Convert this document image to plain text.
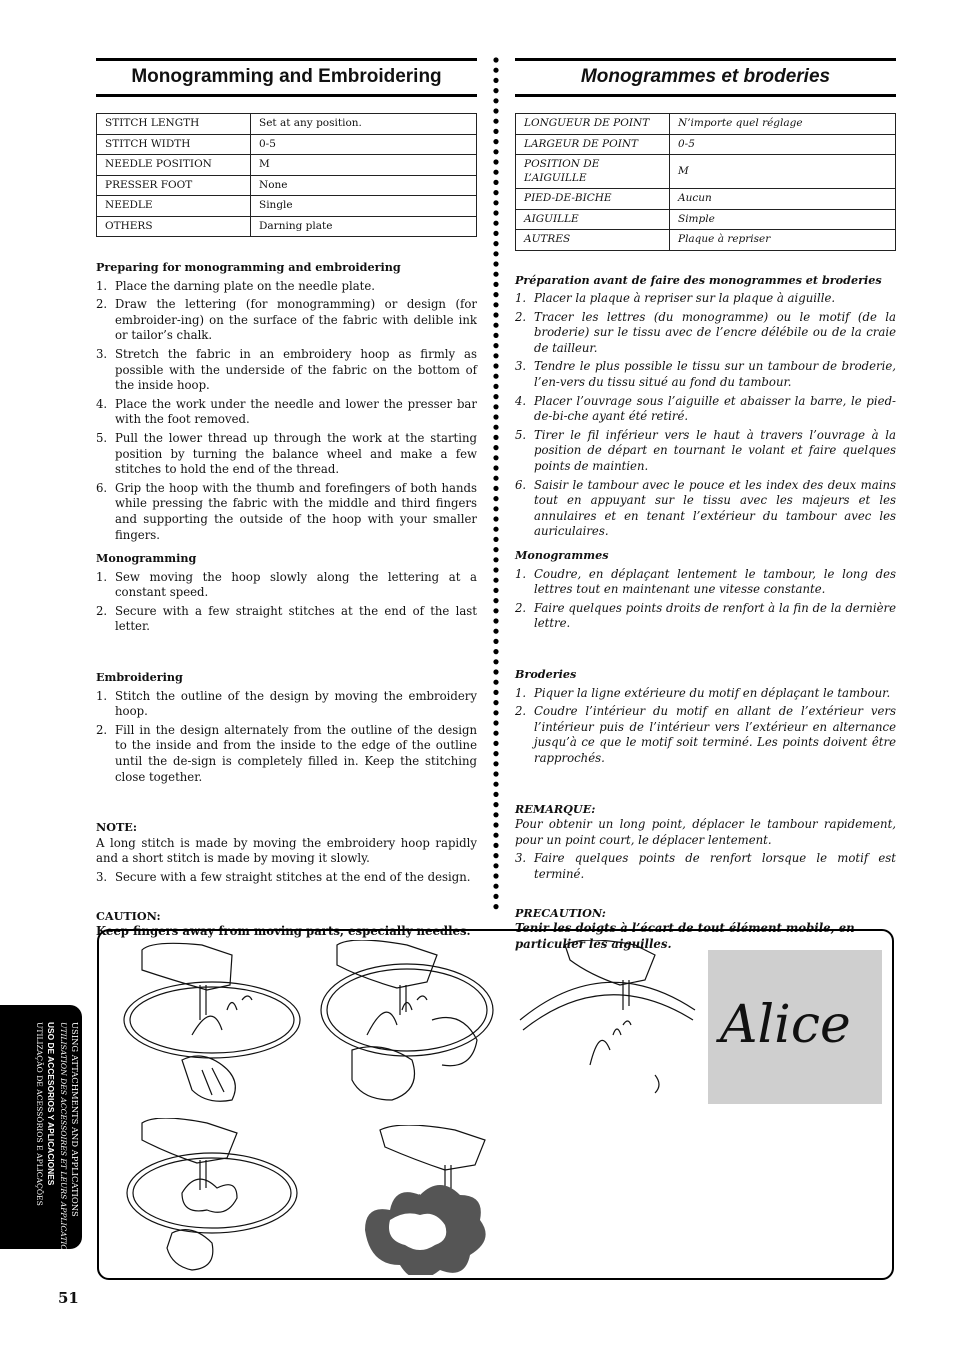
Monogramming and Embroidering
STITCH LENGTH	Set at any position.
STITCH WIDTH	0-5
NEEDLE POSITION	M
PRESSER FOOT	None
NEEDLE	Single
OTHERS	Darning plate
Preparing for monogramming and embroidering
1. Place the darning plate on the needle plate.
2. Draw the lettering (for monogramming) or design (for embroider-ing) on the surface of the fabric with delible ink or tailor’s chalk.
3. Stretch the fabric in an embroidery hoop as firmly as possible with the underside of the fabric on the bottom of the inside hoop.
4. Place the work under the needle and lower the presser bar with the foot removed.
5. Pull the lower thread up through the work at the starting position by turning the balance wheel and make a few stitches to hold the end of the thread.
6. Grip the hoop with the thumb and forefingers of both hands while pressing the fabric with the middle and third fingers and supporting the outside of the hoop with your smaller fingers.
Monogramming
1. Sew moving the hoop slowly along the lettering at a constant speed.
2. Secure with a few straight stitches at the end of the last letter.
Embroidering
1. Stitch the outline of the design by moving the embroidery hoop.
2. Fill in the design alternately from the outline of the design to the inside and from the inside to the edge of the outline until the de-sign is completely filled in. Keep the stitching close together.
NOTE:
A long stitch is made by moving the embroidery hoop rapidly and a short stitch is made by moving it slowly.
3. Secure with a few straight stitches at the end of the design.
CAUTION:
Keep fingers away from moving parts, especially needles.
Monogrammes et broderies
LONGUEUR DE POINT	N’importe quel réglage
LARGEUR DE POINT	0-5
POSITION DE L’AIGUILLE	M
PIED-DE-BICHE	Aucun
AIGUILLE	Simple
AUTRES	Plaque à repriser
Préparation avant de faire des monogrammes et broderies
1. Placer la plaque à repriser sur la plaque à aiguille.
2. Tracer les lettres (du monogramme) ou le motif (de la broderie) sur le tissu avec de l’encre délébile ou de la craie de tailleur.
3. Tendre le plus possible le tissu sur un tambour de broderie, l’en-vers du tissu situé au fond du tambour.
4. Placer l’ouvrage sous l’aiguille et abaisser la barre, le pied-de-bi-che ayant été retiré.
5. Tirer le fil inférieur vers le haut à travers l’ouvrage à la position de départ en tournant le volant et faire quelques points de maintien.
6. Saisir le tambour avec le pouce et les index des deux mains tout en appuyant sur le tissu avec les majeurs et les annulaires et en tenant l’extérieur du tambour avec les auriculaires.
Monogrammes
1. Coudre, en déplaçant lentement le tambour, le long des lettres tout en maintenant une vitesse constante.
2. Faire quelques points droits de renfort à la fin de la dernière lettre.
Broderies
1. Piquer la ligne extérieure du motif en déplaçant le tambour.
2. Coudre l’intérieur du motif en allant de l’extérieur vers l’intérieur puis de l’intérieur vers l’extérieur en alternance jusqu’à ce que le motif soit terminé. Les points doivent être rapprochés.
REMARQUE:
Pour obtenir un long point, déplacer le tambour rapidement, pour un point court, le déplacer lentement.
3. Faire quelques points de renfort lorsque le motif est terminé.
PRECAUTION:
Tenir les doigts à l’écart de tout élément mobile, en particulier les aiguilles.
Alice
USING ATTACHMENTS AND APPLICATIONS
UTILISATION DES ACCESSOIRES ET LEURS APPLICATIONS
USO DE ACCESORIOS Y APLICACIONES
UTILIZAÇÃO DE ACESSÓRIOS E APLICAÇÕES
51
